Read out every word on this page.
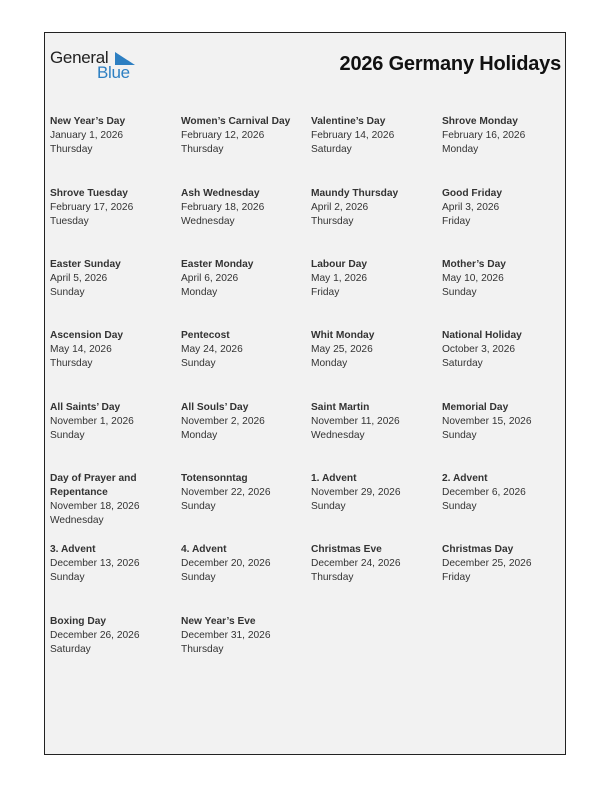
General
Blue	2026 Germany Holidays
New Year’s Day
January 1, 2026
Thursday
Women’s Carnival Day
February 12, 2026
Thursday
Valentine’s Day
February 14, 2026
Saturday
Shrove Monday
February 16, 2026
Monday
Shrove Tuesday
February 17, 2026
Tuesday
Ash Wednesday
February 18, 2026
Wednesday
Maundy Thursday
April 2, 2026
Thursday
Good Friday
April 3, 2026
Friday
Easter Sunday
April 5, 2026
Sunday
Easter Monday
April 6, 2026
Monday
Labour Day
May 1, 2026
Friday
Mother’s Day
May 10, 2026
Sunday
Ascension Day
May 14, 2026
Thursday
Pentecost
May 24, 2026
Sunday
Whit Monday
May 25, 2026
Monday
National Holiday
October 3, 2026
Saturday
All Saints’ Day
November 1, 2026
Sunday
All Souls’ Day
November 2, 2026
Monday
Saint Martin
November 11, 2026
Wednesday
Memorial Day
November 15, 2026
Sunday
Day of Prayer and Repentance
November 18, 2026
Wednesday
Totensonntag
November 22, 2026
Sunday
1. Advent
November 29, 2026
Sunday
2. Advent
December 6, 2026
Sunday
3. Advent
December 13, 2026
Sunday
4. Advent
December 20, 2026
Sunday
Christmas Eve
December 24, 2026
Thursday
Christmas Day
December 25, 2026
Friday
Boxing Day
December 26, 2026
Saturday
New Year’s Eve
December 31, 2026
Thursday
